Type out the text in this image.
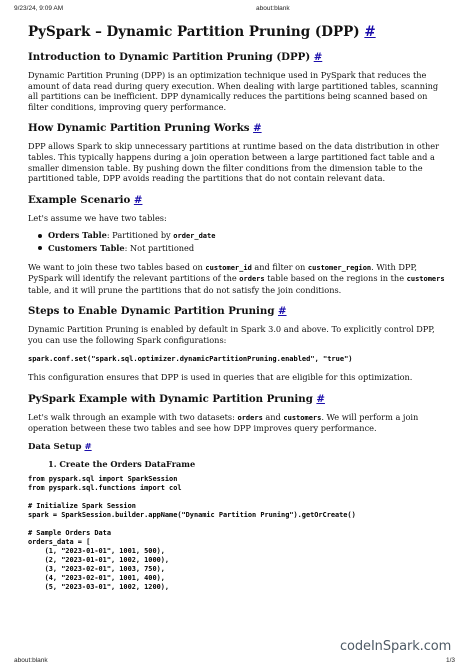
9/23/24, 9:09 AM	about:blank
PySpark – Dynamic Partition Pruning (DPP) #
Introduction to Dynamic Partition Pruning (DPP) #

Dynamic Partition Pruning (DPP) is an optimization technique used in PySpark that reduces the amount of data read during query execution. When dealing with large partitioned tables, scanning all partitions can be inefficient. DPP dynamically reduces the partitions being scanned based on filter conditions, improving query performance.

How Dynamic Partition Pruning Works #

DPP allows Spark to skip unnecessary partitions at runtime based on the data distribution in other tables. This typically happens during a join operation between a large partitioned fact table and a smaller dimension table. By pushing down the filter conditions from the dimension table to the partitioned table, DPP avoids reading the partitions that do not contain relevant data.

Example Scenario #

Let's assume we have two tables:

Orders Table: Partitioned by order_date
Customers Table: Not partitioned

We want to join these two tables based on customer_id and filter on customer_region. With DPP, PySpark will identify the relevant partitions of the orders table based on the regions in the customers table, and it will prune the partitions that do not satisfy the join conditions.

Steps to Enable Dynamic Partition Pruning #

Dynamic Partition Pruning is enabled by default in Spark 3.0 and above. To explicitly control DPP, you can use the following Spark configurations:

spark.conf.set("spark.sql.optimizer.dynamicPartitionPruning.enabled", "true")

This configuration ensures that DPP is used in queries that are eligible for this optimization.

PySpark Example with Dynamic Partition Pruning #

Let's walk through an example with two datasets: orders and customers. We will perform a join operation between these two tables and see how DPP improves query performance.

Data Setup #
1. Create the Orders DataFrame
from pyspark.sql import SparkSession
from pyspark.sql.functions import col

# Initialize Spark Session
spark = SparkSession.builder.appName("Dynamic Partition Pruning").getOrCreate()

# Sample Orders Data
orders_data = [
(1, "2023-01-01", 1001, 500),
(2, "2023-01-01", 1002, 1000),
(3, "2023-02-01", 1003, 750),
(4, "2023-02-01", 1001, 400),
(5, "2023-03-01", 1002, 1200),
codeInSpark.com
about:blank	1/3
